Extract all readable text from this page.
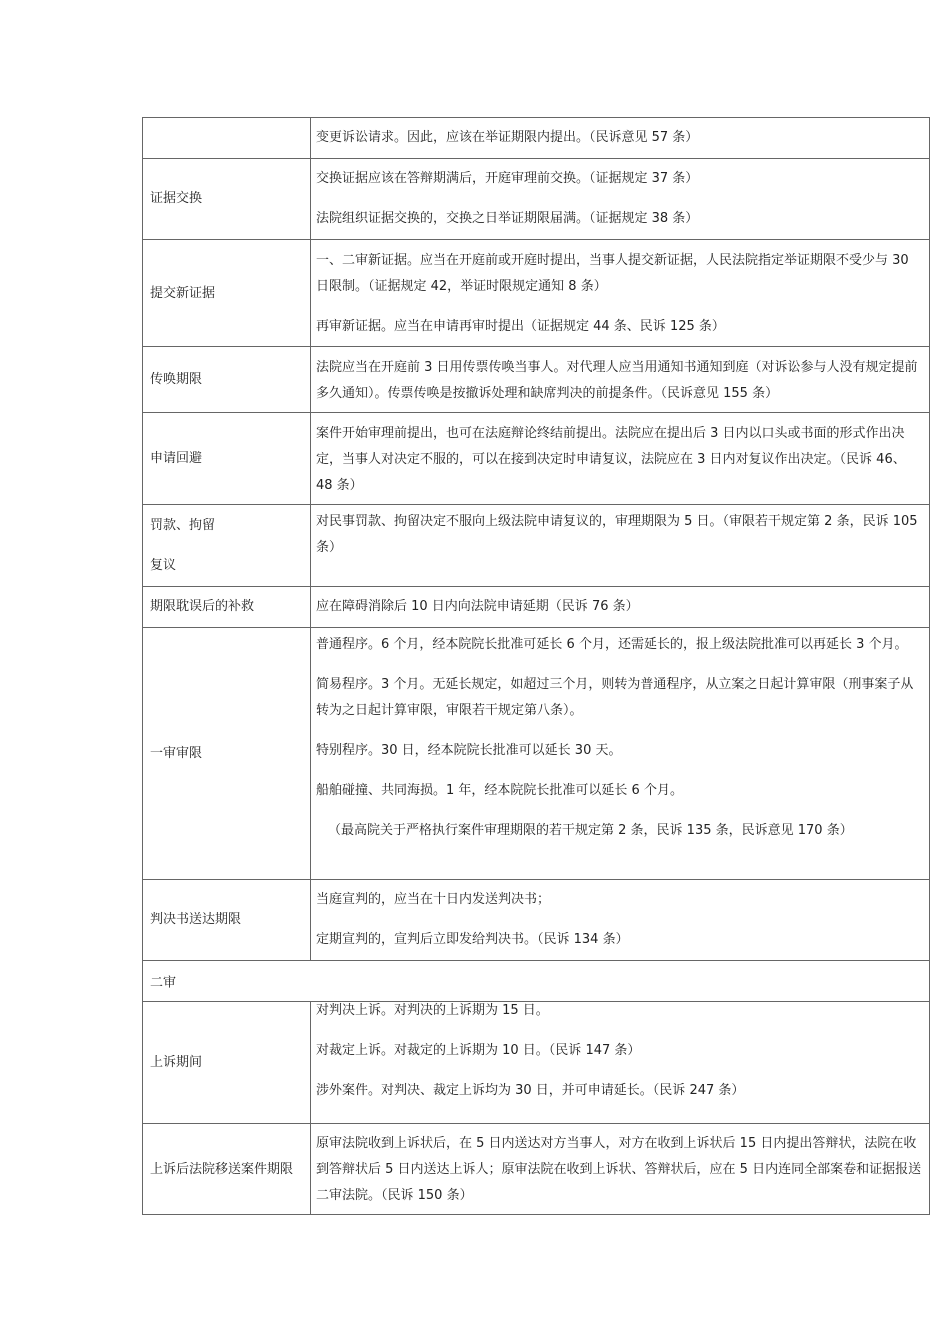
变更诉讼请求。因此，应该在举证期限内提出。（民诉意见 57 条）

证据交换

交换证据应该在答辩期满后，开庭审理前交换。（证据规定 37 条）

法院组织证据交换的，交换之日举证期限届满。（证据规定 38 条）

提交新证据

一、二审新证据。应当在开庭前或开庭时提出，当事人提交新证据，人民法院指定举证期限不受少与 30 日限制。（证据规定 42，举证时限规定通知 8 条）

再审新证据。应当在申请再审时提出（证据规定 44 条、民诉 125 条）

传唤期限

法院应当在开庭前 3 日用传票传唤当事人。对代理人应当用通知书通知到庭（对诉讼参与人没有规定提前多久通知）。传票传唤是按撤诉处理和缺席判决的前提条件。（民诉意见 155 条）

申请回避

案件开始审理前提出，也可在法庭辩论终结前提出。法院应在提出后 3 日内以口头或书面的形式作出决定，当事人对决定不服的，可以在接到决定时申请复议，法院应在 3 日内对复议作出决定。（民诉 46、48 条）

罚款、拘留
复议

对民事罚款、拘留决定不服向上级法院申请复议的，审理期限为 5 日。（审限若干规定第 2 条，民诉 105 条）

期限耽误后的补救	应在障碍消除后 10 日内向法院申请延期（民诉 76 条）

一审审限

普通程序。6 个月，经本院院长批准可延长 6 个月，还需延长的，报上级法院批准可以再延长 3 个月。

简易程序。3 个月。无延长规定，如超过三个月，则转为普通程序，从立案之日起计算审限（刑事案子从转为之日起计算审限，审限若干规定第八条）。

特别程序。30 日，经本院院长批准可以延长 30 天。

船舶碰撞、共同海损。1 年，经本院院长批准可以延长 6 个月。

（最高院关于严格执行案件审理期限的若干规定第 2 条，民诉 135 条，民诉意见 170 条）

判决书送达期限

当庭宣判的，应当在十日内发送判决书；

定期宣判的，宣判后立即发给判决书。（民诉 134 条）

二审
上诉期间

对判决上诉。对判决的上诉期为 15 日。

对裁定上诉。对裁定的上诉期为 10 日。（民诉 147 条）

涉外案件。对判决、裁定上诉均为 30 日，并可申请延长。（民诉 247 条）

上诉后法院移送案件期限

原审法院收到上诉状后，在 5 日内送达对方当事人，对方在收到上诉状后 15 日内提出答辩状，法院在收到答辩状后 5 日内送达上诉人；原审法院在收到上诉状、答辩状后，应在 5 日内连同全部案卷和证据报送二审法院。（民诉 150 条）
